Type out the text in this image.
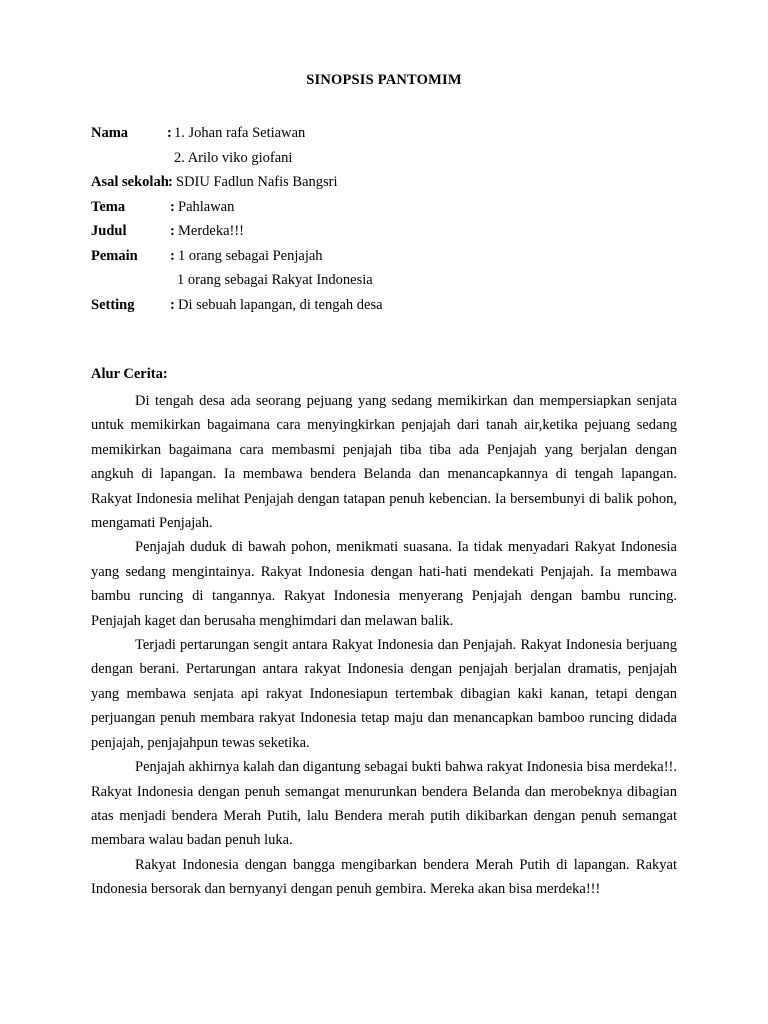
SINOPSIS PANTOMIM
Nama	: 1. Johan rafa Setiawan
2. Arilo viko giofani
Asal sekolah : SDIU Fadlun Nafis Bangsri
Tema	: Pahlawan
Judul	: Merdeka!!!
Pemain : 1 orang sebagai Penjajah
1 orang sebagai Rakyat Indonesia
Setting : Di sebuah lapangan, di tengah desa
Alur Cerita:

Di tengah desa ada seorang pejuang yang sedang memikirkan dan mempersiapkan senjata untuk memikirkan bagaimana cara menyingkirkan penjajah dari tanah air,ketika pejuang sedang memikirkan bagaimana cara membasmi penjajah tiba tiba ada Penjajah yang berjalan dengan angkuh di lapangan. Ia membawa bendera Belanda dan menancapkannya di tengah lapangan. Rakyat Indonesia melihat Penjajah dengan tatapan penuh kebencian. Ia bersembunyi di balik pohon, mengamati Penjajah.

Penjajah duduk di bawah pohon, menikmati suasana. Ia tidak menyadari Rakyat Indonesia yang sedang mengintainya. Rakyat Indonesia dengan hati-hati mendekati Penjajah. Ia membawa bambu runcing di tangannya. Rakyat Indonesia menyerang Penjajah dengan bambu runcing. Penjajah kaget dan berusaha menghimdari dan melawan balik.

Terjadi pertarungan sengit antara Rakyat Indonesia dan Penjajah. Rakyat Indonesia berjuang dengan berani. Pertarungan antara rakyat Indonesia dengan penjajah berjalan dramatis, penjajah yang membawa senjata api rakyat Indonesiapun tertembak dibagian kaki kanan, tetapi dengan perjuangan penuh membara rakyat Indonesia tetap maju dan menancapkan bamboo runcing didada penjajah, penjajahpun tewas seketika.

Penjajah akhirnya kalah dan digantung sebagai bukti bahwa rakyat Indonesia bisa merdeka!!. Rakyat Indonesia dengan penuh semangat menurunkan bendera Belanda dan merobeknya dibagian atas menjadi bendera Merah Putih, lalu Bendera merah putih dikibarkan dengan penuh semangat membara walau badan penuh luka.

Rakyat Indonesia dengan bangga mengibarkan bendera Merah Putih di lapangan. Rakyat Indonesia bersorak dan bernyanyi dengan penuh gembira. Mereka akan bisa merdeka!!!
